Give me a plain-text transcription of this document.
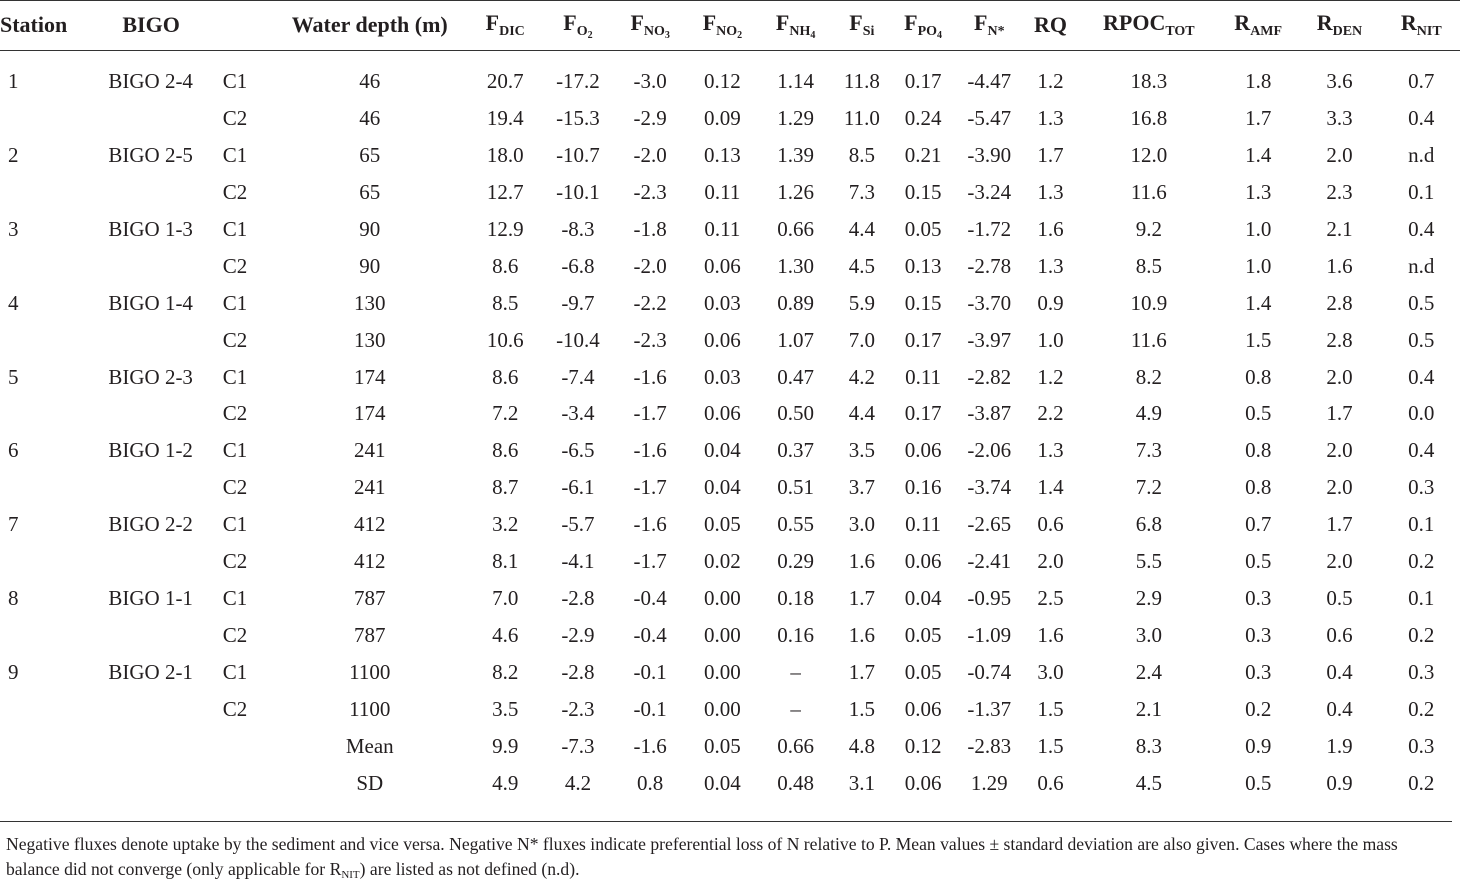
Station	BIGO		Water depth (m)	$F_{DIC}$	$F_{O_2}$	$F_{NO_3}$	$F_{NO_2}$	$F_{NH_4}$	$F_{Si}$	$F_{PO_4}$	$F_{N*}$	RQ	$RPOC_{TOT}$	$R_{AMF}$	$R_{DEN}$	$R_{NIT}$
1	BIGO 2-4	C1	46	20.7	-17.2	-3.0	0.12	1.14	11.8	0.17	-4.47	1.2	18.3	1.8	3.6	0.7
		C2	46	19.4	-15.3	-2.9	0.09	1.29	11.0	0.24	-5.47	1.3	16.8	1.7	3.3	0.4
2	BIGO 2-5	C1	65	18.0	-10.7	-2.0	0.13	1.39	8.5	0.21	-3.90	1.7	12.0	1.4	2.0	n.d
		C2	65	12.7	-10.1	-2.3	0.11	1.26	7.3	0.15	-3.24	1.3	11.6	1.3	2.3	0.1
3	BIGO 1-3	C1	90	12.9	-8.3	-1.8	0.11	0.66	4.4	0.05	-1.72	1.6	9.2	1.0	2.1	0.4
		C2	90	8.6	-6.8	-2.0	0.06	1.30	4.5	0.13	-2.78	1.3	8.5	1.0	1.6	n.d
4	BIGO 1-4	C1	130	8.5	-9.7	-2.2	0.03	0.89	5.9	0.15	-3.70	0.9	10.9	1.4	2.8	0.5
		C2	130	10.6	-10.4	-2.3	0.06	1.07	7.0	0.17	-3.97	1.0	11.6	1.5	2.8	0.5
5	BIGO 2-3	C1	174	8.6	-7.4	-1.6	0.03	0.47	4.2	0.11	-2.82	1.2	8.2	0.8	2.0	0.4
		C2	174	7.2	-3.4	-1.7	0.06	0.50	4.4	0.17	-3.87	2.2	4.9	0.5	1.7	0.0
6	BIGO 1-2	C1	241	8.6	-6.5	-1.6	0.04	0.37	3.5	0.06	-2.06	1.3	7.3	0.8	2.0	0.4
		C2	241	8.7	-6.1	-1.7	0.04	0.51	3.7	0.16	-3.74	1.4	7.2	0.8	2.0	0.3
7	BIGO 2-2	C1	412	3.2	-5.7	-1.6	0.05	0.55	3.0	0.11	-2.65	0.6	6.8	0.7	1.7	0.1
		C2	412	8.1	-4.1	-1.7	0.02	0.29	1.6	0.06	-2.41	2.0	5.5	0.5	2.0	0.2
8	BIGO 1-1	C1	787	7.0	-2.8	-0.4	0.00	0.18	1.7	0.04	-0.95	2.5	2.9	0.3	0.5	0.1
		C2	787	4.6	-2.9	-0.4	0.00	0.16	1.6	0.05	-1.09	1.6	3.0	0.3	0.6	0.2
9	BIGO 2-1	C1	1100	8.2	-2.8	-0.1	0.00	–	1.7	0.05	-0.74	3.0	2.4	0.3	0.4	0.3
		C2	1100	3.5	-2.3	-0.1	0.00	–	1.5	0.06	-1.37	1.5	2.1	0.2	0.4	0.2
			Mean	9.9	-7.3	-1.6	0.05	0.66	4.8	0.12	-2.83	1.5	8.3	0.9	1.9	0.3
			SD	4.9	4.2	0.8	0.04	0.48	3.1	0.06	1.29	0.6	4.5	0.5	0.9	0.2
Negative fluxes denote uptake by the sediment and vice versa. Negative N* fluxes indicate preferential loss of N relative to P. Mean values ± standard deviation are also given. Cases where the mass balance did not converge (only applicable for $R_{NIT}$) are listed as not defined (n.d).
